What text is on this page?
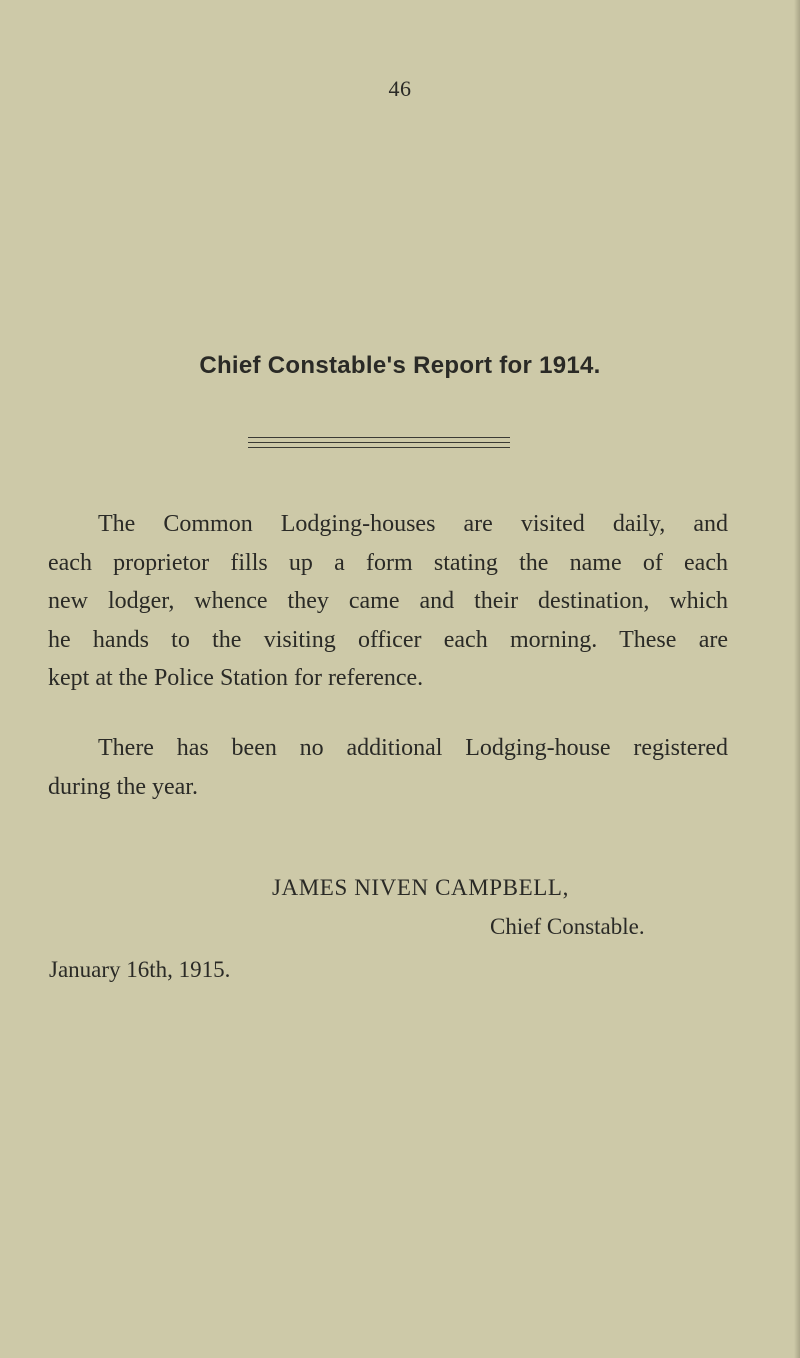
46
Chief Constable's Report for 1914.
The Common Lodging-houses are visited daily, and
each proprietor fills up a form stating the name of each
new lodger, whence they came and their destination, which
he hands to the visiting officer each morning. These are
kept at the Police Station for reference.
There has been no additional Lodging-house registered
during the year.
JAMES NIVEN CAMPBELL,
Chief Constable.
January 16th, 1915.
